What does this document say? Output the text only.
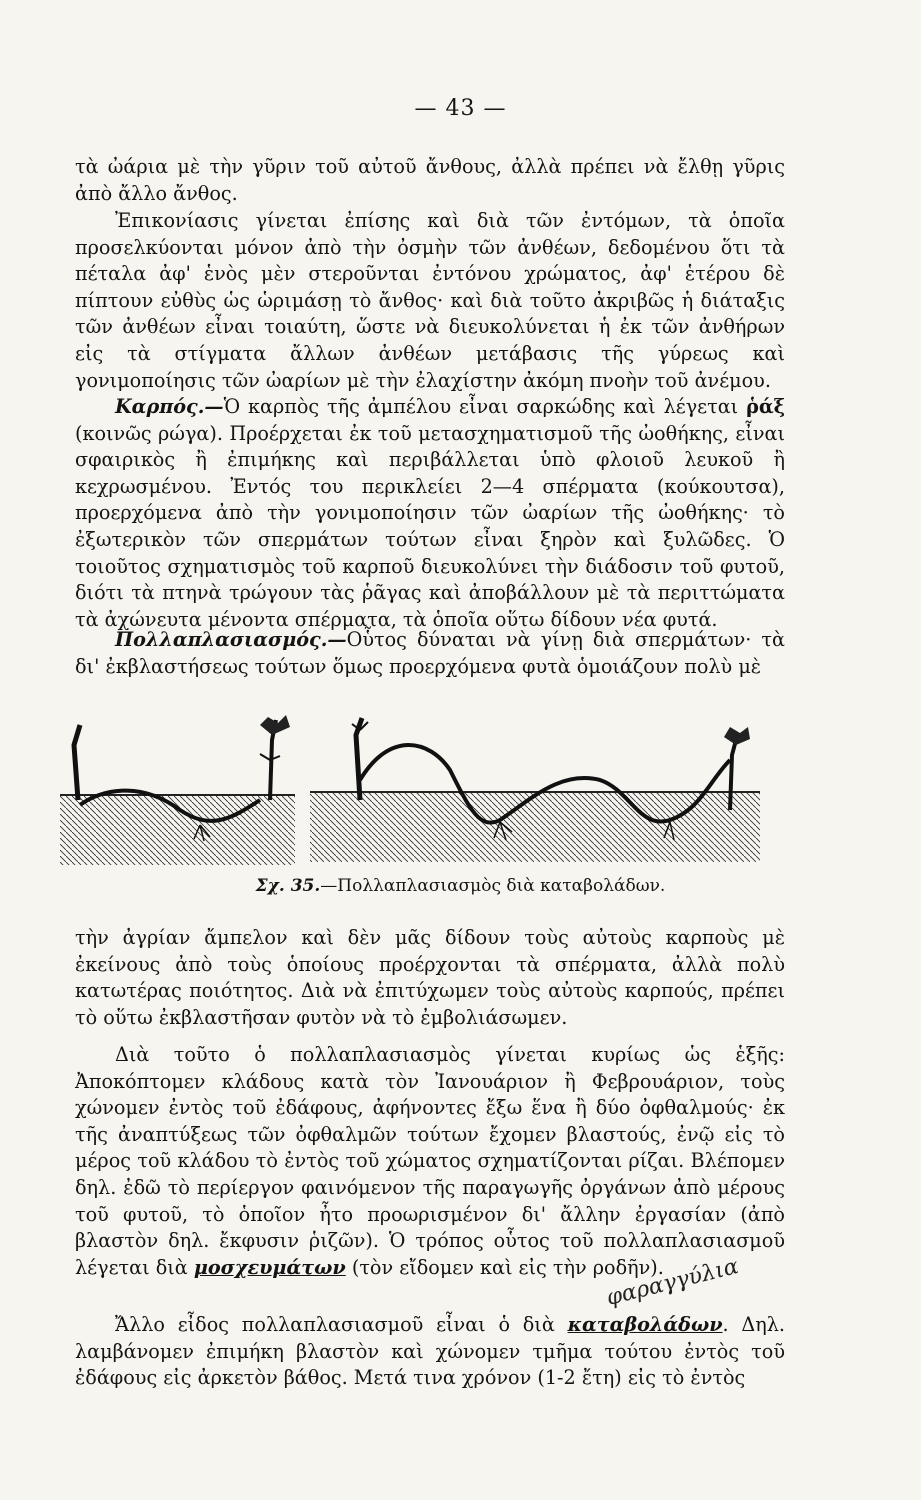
— 43 —

τὰ ὠάρια μὲ τὴν γῦριν τοῦ αὐτοῦ ἄνθους, ἀλλὰ πρέπει νὰ ἔλθῃ γῦρις ἀπὸ ἄλλο ἄνθος.

Ἐπικονίασις γίνεται ἐπίσης καὶ διὰ τῶν ἐντόμων, τὰ ὁποῖα προσελκύονται μόνον ἀπὸ τὴν ὀσμὴν τῶν ἀνθέων, δεδομένου ὅτι τὰ πέταλα ἀφ' ἑνὸς μὲν στεροῦνται ἐντόνου χρώματος, ἀφ' ἑτέρου δὲ πίπτουν εὐθὺς ὡς ὡριμάσῃ τὸ ἄνθος· καὶ διὰ τοῦτο ἀκριβῶς ἡ διάταξις τῶν ἀνθέων εἶναι τοιαύτη, ὥστε νὰ διευκολύνεται ἡ ἐκ τῶν ἀνθήρων εἰς τὰ στίγματα ἄλλων ἀνθέων μετάβασις τῆς γύρεως καὶ γονιμοποίησις τῶν ὠαρίων μὲ τὴν ἐλαχίστην ἀκόμη πνοὴν τοῦ ἀνέμου.

Καρπός.—Ὁ καρπὸς τῆς ἀμπέλου εἶναι σαρκώδης καὶ λέγεται ῥάξ (κοινῶς ρώγα). Προέρχεται ἐκ τοῦ μετασχηματισμοῦ τῆς ὠοθήκης, εἶναι σφαιρικὸς ἢ ἐπιμήκης καὶ περιβάλλεται ὑπὸ φλοιοῦ λευκοῦ ἢ κεχρωσμένου. Ἐντός του περικλείει 2—4 σπέρματα (κούκουτσα), προερχόμενα ἀπὸ τὴν γονιμοποίησιν τῶν ὠαρίων τῆς ὠοθήκης· τὸ ἐξωτερικὸν τῶν σπερμάτων τούτων εἶναι ξηρὸν καὶ ξυλῶδες. Ὁ τοιοῦτος σχηματισμὸς τοῦ καρποῦ διευκολύνει τὴν διάδοσιν τοῦ φυτοῦ, διότι τὰ πτηνὰ τρώγουν τὰς ῥᾶγας καὶ ἀποβάλλουν μὲ τὰ περιττώματα τὰ ἀχώνευτα μένοντα σπέρματα, τὰ ὁποῖα οὕτω δίδουν νέα φυτά.

Πολλαπλασιασμός.—Οὗτος δύναται νὰ γίνῃ διὰ σπερμάτων· τὰ δι' ἐκβλαστήσεως τούτων ὅμως προερχόμενα φυτὰ ὁμοιάζουν πολὺ μὲ

Σχ. 35.—Πολλαπλασιασμὸς διὰ καταβολάδων.

τὴν ἀγρίαν ἄμπελον καὶ δὲν μᾶς δίδουν τοὺς αὐτοὺς καρποὺς μὲ ἐκείνους ἀπὸ τοὺς ὁποίους προέρχονται τὰ σπέρματα, ἀλλὰ πολὺ κατωτέρας ποιότητος. Διὰ νὰ ἐπιτύχωμεν τοὺς αὐτοὺς καρπούς, πρέπει τὸ οὕτω ἐκβλαστῆσαν φυτὸν νὰ τὸ ἐμβολιάσωμεν.

Διὰ τοῦτο ὁ πολλαπλασιασμὸς γίνεται κυρίως ὡς ἑξῆς: Ἀποκόπτομεν κλάδους κατὰ τὸν Ἰανουάριον ἢ Φεβρουάριον, τοὺς χώνομεν ἐντὸς τοῦ ἐδάφους, ἀφήνοντες ἔξω ἕνα ἢ δύο ὀφθαλμούς· ἐκ τῆς ἀναπτύξεως τῶν ὀφθαλμῶν τούτων ἔχομεν βλαστούς, ἐνῷ εἰς τὸ μέρος τοῦ κλάδου τὸ ἐντὸς τοῦ χώματος σχηματίζονται ρίζαι. Βλέπομεν δηλ. ἐδῶ τὸ περίεργον φαινόμενον τῆς παραγωγῆς ὀργάνων ἀπὸ μέρους τοῦ φυτοῦ, τὸ ὁποῖον ἦτο προωρισμένον δι' ἄλλην ἐργασίαν (ἀπὸ βλαστὸν δηλ. ἔκφυσιν ῥιζῶν). Ὁ τρόπος οὗτος τοῦ πολλαπλασιασμοῦ λέγεται διὰ μοσχευμάτων (τὸν εἴδομεν καὶ εἰς τὴν ροδῆν).

Ἄλλο εἶδος πολλαπλασιασμοῦ εἶναι ὁ διὰ καταβολάδων. Δηλ. λαμβάνομεν ἐπιμήκη βλαστὸν καὶ χώνομεν τμῆμα τούτου ἐντὸς τοῦ ἐδάφους εἰς ἀρκετὸν βάθος. Μετά τινα χρόνον (1-2 ἔτη) εἰς τὸ ἐντὸς

φαραγγύλια
